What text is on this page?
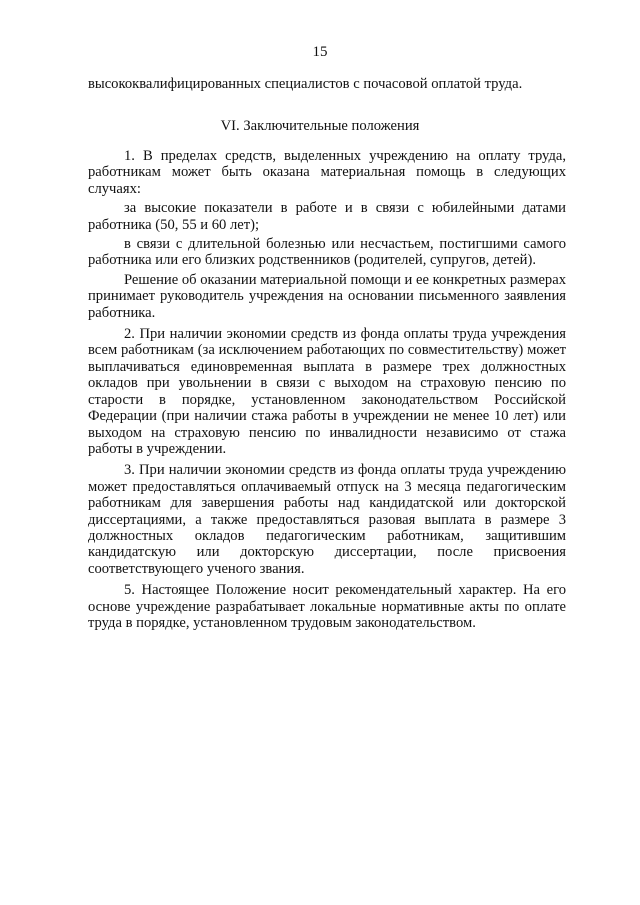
15
высококвалифицированных специалистов с почасовой оплатой труда.
VI. Заключительные положения

1. В пределах средств, выделенных учреждению на оплату труда, работникам может быть оказана материальная помощь в следующих случаях:

за высокие показатели в работе и в связи с юбилейными датами работника (50, 55 и 60 лет);

в связи с длительной болезнью или несчастьем, постигшими самого работника или его близких родственников (родителей, супругов, детей).

Решение об оказании материальной помощи и ее конкретных размерах принимает руководитель учреждения на основании письменного заявления работника.

2. При наличии экономии средств из фонда оплаты труда учреждения всем работникам (за исключением работающих по совместительству) может выплачиваться единовременная выплата в размере трех должностных окладов при увольнении в связи с выходом на страховую пенсию по старости в порядке, установленном законодательством Российской Федерации (при наличии стажа работы в учреждении не менее 10 лет) или выходом на страховую пенсию по инвалидности независимо от стажа работы в учреждении.

3. При наличии экономии средств из фонда оплаты труда учреждению может предоставляться оплачиваемый отпуск на 3 месяца педагогическим работникам для завершения работы над кандидатской или докторской диссертациями, а также предоставляться разовая выплата в размере 3 должностных окладов педагогическим работникам, защитившим кандидатскую или докторскую диссертации, после присвоения соответствующего ученого звания.

5. Настоящее Положение носит рекомендательный характер. На его основе учреждение разрабатывает локальные нормативные акты по оплате труда в порядке, установленном трудовым законодательством.
